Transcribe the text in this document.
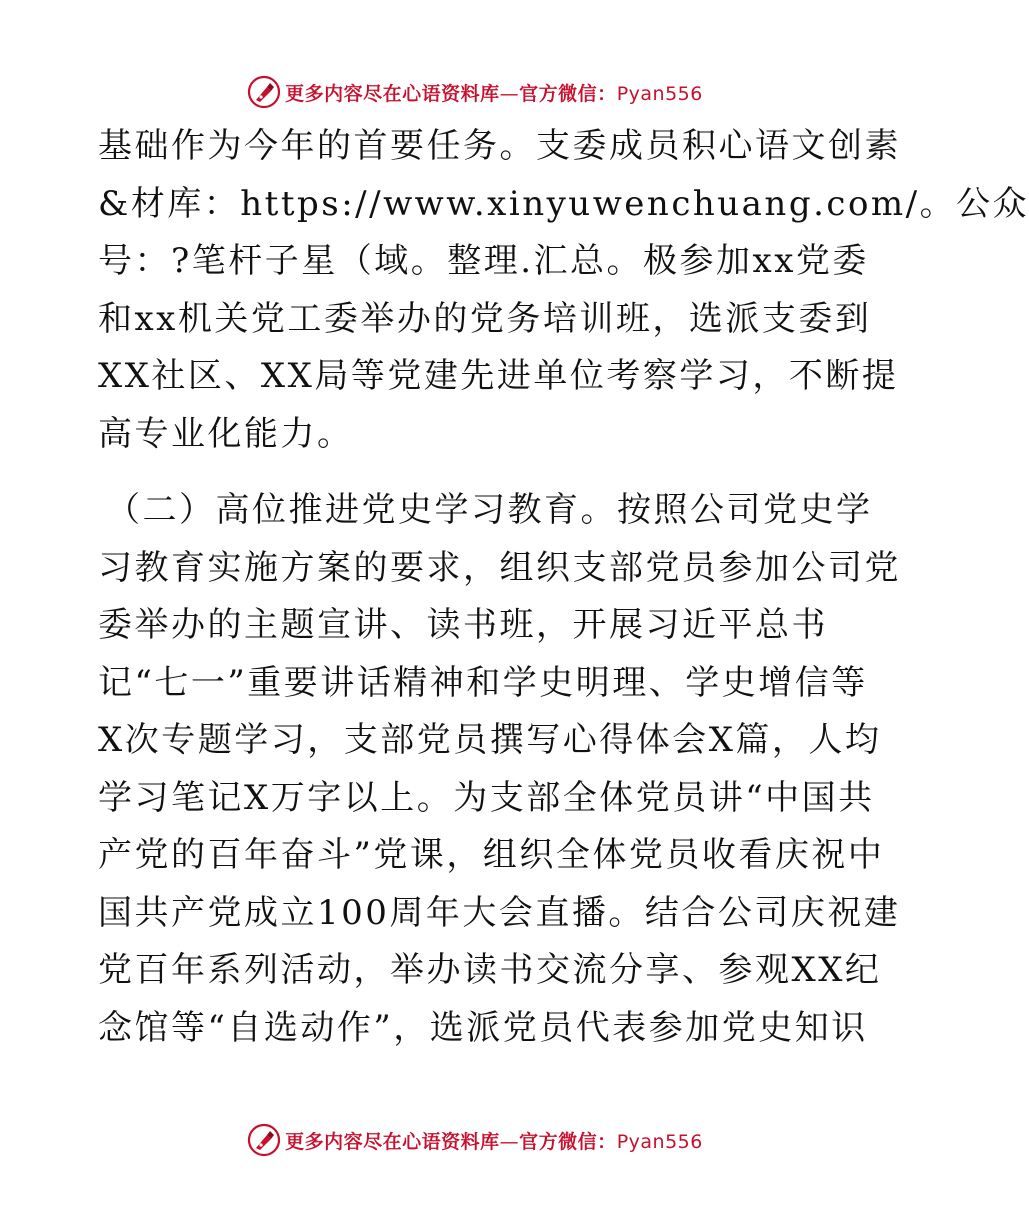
更多内容尽在心语资料库—官方微信：Pyan556
基础作为今年的首要任务。支委成员积心语文创素
&材库：https://www.xinyuwenchuang.com/。公众
号：?笔杆子星（域。整理.汇总。极参加xx党委
和xx机关党工委举办的党务培训班，选派支委到
XX社区、XX局等党建先进单位考察学习，不断提
高专业化能力。
（二）高位推进党史学习教育。按照公司党史学
习教育实施方案的要求，组织支部党员参加公司党
委举办的主题宣讲、读书班，开展习近平总书
记“七一”重要讲话精神和学史明理、学史增信等
X次专题学习，支部党员撰写心得体会X篇，人均
学习笔记X万字以上。为支部全体党员讲“中国共
产党的百年奋斗”党课，组织全体党员收看庆祝中
国共产党成立100周年大会直播。结合公司庆祝建
党百年系列活动，举办读书交流分享、参观XX纪
念馆等“自选动作”，选派党员代表参加党史知识
更多内容尽在心语资料库—官方微信：Pyan556
